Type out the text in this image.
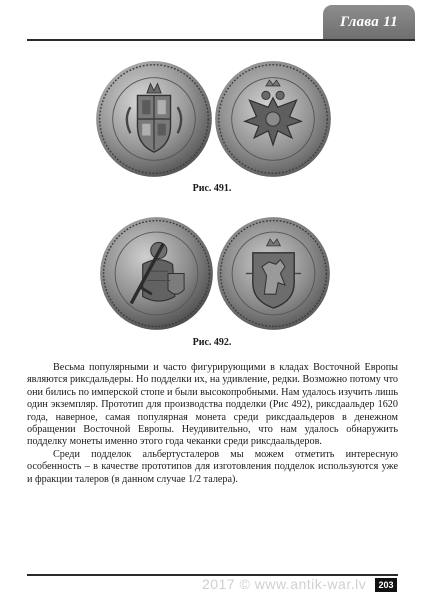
Глава 11
Рис. 491.
Рис. 492.

Весьма популярными и часто фигурирующими в кладах Восточной Европы являются риксдальдеры. Но подделки их, на удивление, редки. Возможно потому что они бились по имперской стопе и были высокопробными. Нам удалось изучить лишь один экземпляр. Прототип для производства подделки (Рис 492), риксдаальдер 1620 года, наверное, самая популярная монета среди риксдаальдеров в денежном обращении Восточной Европы. Неудивительно, что нам удалось обнаружить подделку монеты именно этого года чеканки среди риксдаальдеров.

Среди подделок альбертусталеров мы можем отметить интересную особенность – в качестве прототипов для изготовления подделок используются уже и фракции талеров (в данном случае 1/2 талера).

2017 © www.antik-war.lv	203
